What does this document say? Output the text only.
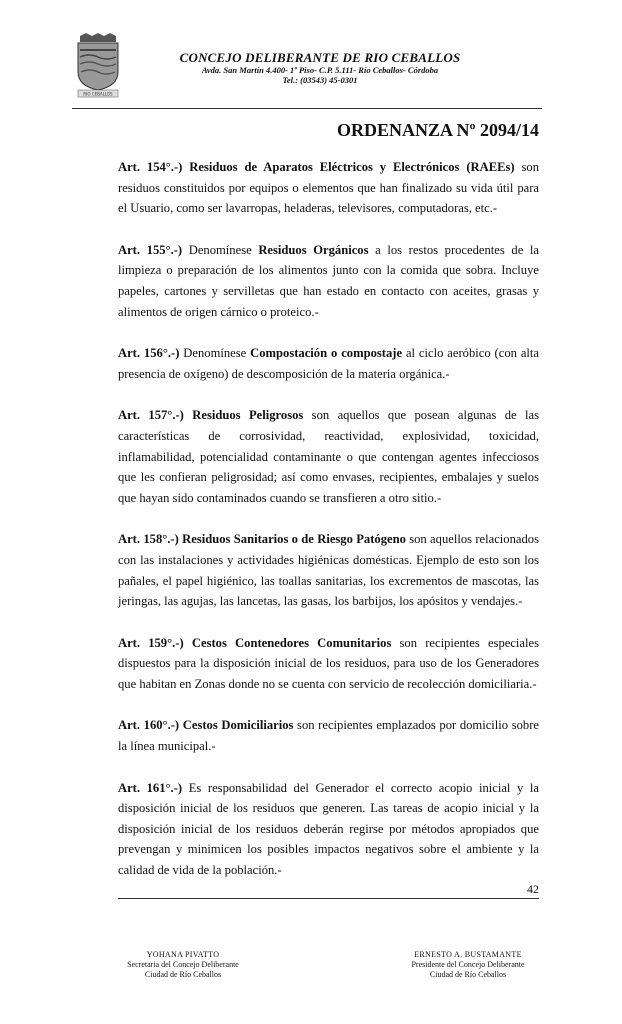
RIO CEBALLOS
CONCEJO DELIBERANTE DE RIO CEBALLOS
Avda. San Martín 4.400- 1º Piso- C.P. 5.111- Río Ceballos- Córdoba
Tel.: (03543) 45-0301
ORDENANZA Nº 2094/14

Art. 154°.-) Residuos de Aparatos Eléctricos y Electrónicos (RAEEs) son residuos constituidos por equipos o elementos que han finalizado su vida útil para el Usuario, como ser lavarropas, heladeras, televisores, computadoras, etc.-

Art. 155°.-) Denomínese Residuos Orgánicos a los restos procedentes de la limpieza o preparación de los alimentos junto con la comida que sobra. Incluye papeles, cartones y servilletas que han estado en contacto con aceites, grasas y alimentos de origen cárnico o proteico.-

Art. 156°.-) Denomínese Compostación o compostaje al ciclo aeróbico (con alta presencia de oxígeno) de descomposición de la materia orgánica.-

Art. 157°.-) Residuos Peligrosos son aquellos que posean algunas de las características de corrosividad, reactividad, explosividad, toxicidad, inflamabilidad, potencialidad contaminante o que contengan agentes infecciosos que les confieran peligrosidad; así como envases, recipientes, embalajes y suelos que hayan sido contaminados cuando se transfieren a otro sitio.-

Art. 158°.-) Residuos Sanitarios o de Riesgo Patógeno son aquellos relacionados con las instalaciones y actividades higiénicas domésticas. Ejemplo de esto son los pañales, el papel higiénico, las toallas sanitarias, los excrementos de mascotas, las jeringas, las agujas, las lancetas, las gasas, los barbijos, los apósitos y vendajes.-

Art. 159°.-) Cestos Contenedores Comunitarios son recipientes especiales dispuestos para la disposición inicial de los residuos, para uso de los Generadores que habitan en Zonas donde no se cuenta con servicio de recolección domiciliaria.-

Art. 160°.-) Cestos Domiciliarios son recipientes emplazados por domicilio sobre la línea municipal.-

Art. 161°.-) Es responsabilidad del Generador el correcto acopio inicial y la disposición inicial de los residuos que generen. Las tareas de acopio inicial y la disposición inicial de los residuos deberán regirse por métodos apropiados que prevengan y minimicen los posibles impactos negativos sobre el ambiente y la calidad de vida de la población.-

42
YOHANA PIVATTO
Secretaria del Concejo Deliberante
Ciudad de Río Ceballos
ERNESTO A. BUSTAMANTE
Presidente del Concejo Deliberante
Ciudad de Río Ceballos
